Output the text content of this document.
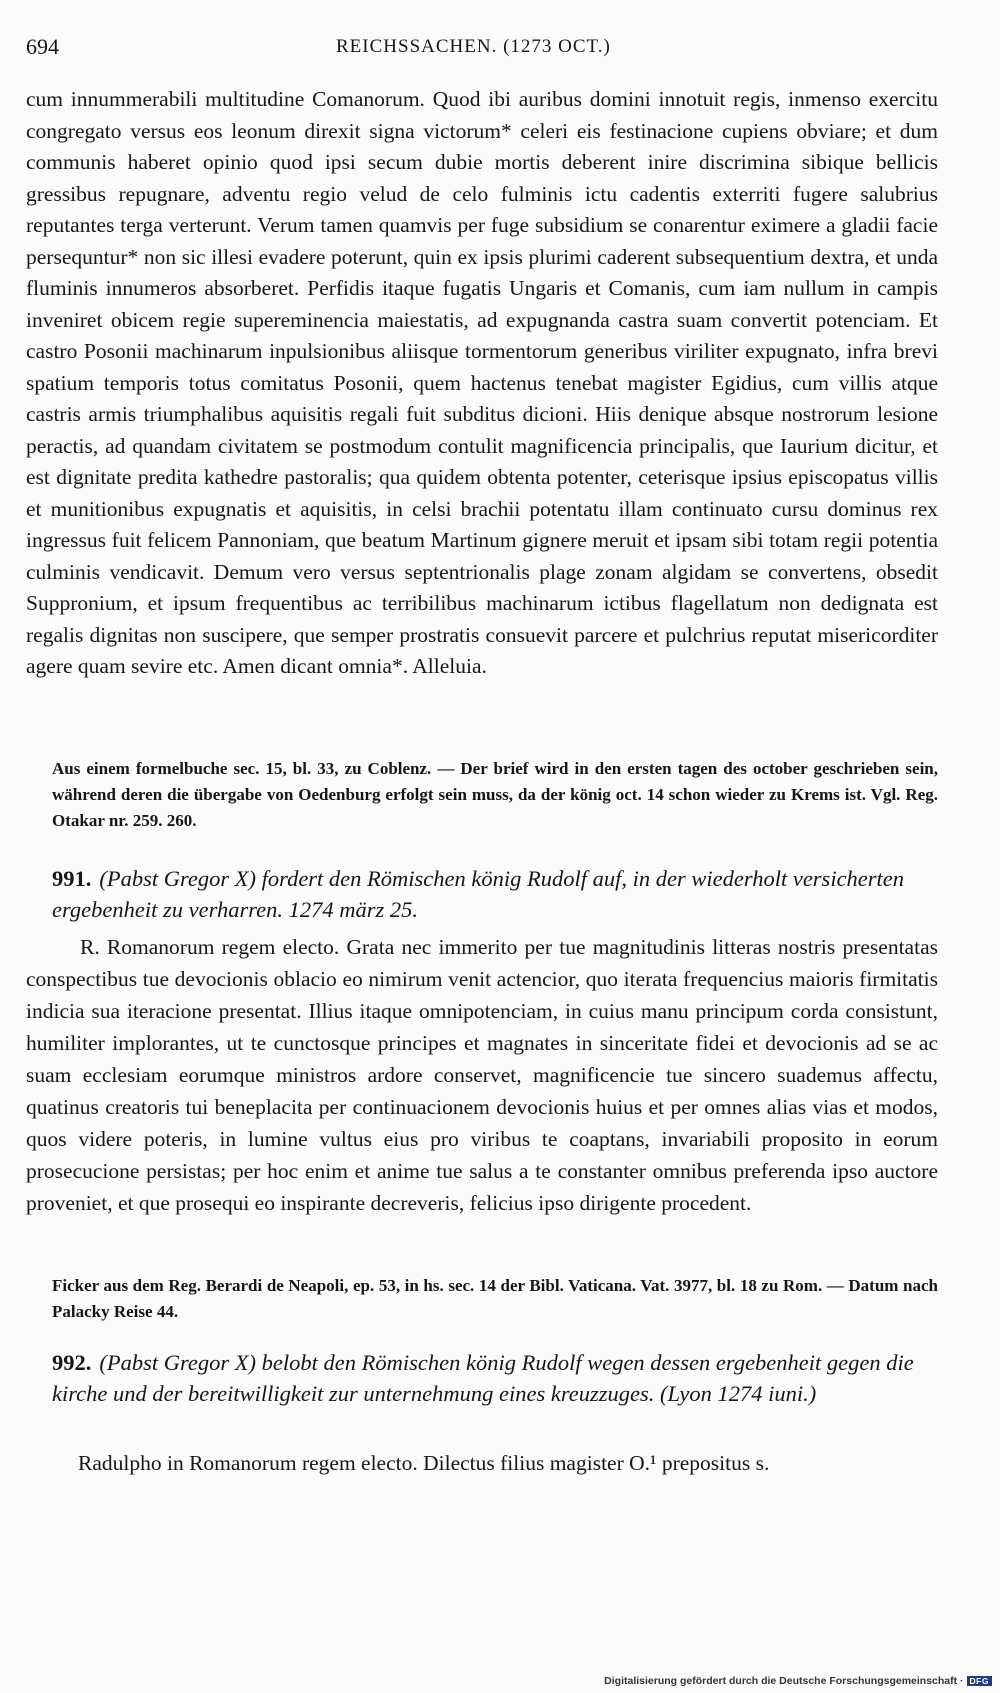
694	REICHSSACHEN. (1273 OCT.)

cum innummerabili multitudine Comanorum. Quod ibi auribus domini innotuit regis, inmenso exercitu congregato versus eos leonum direxit signa victorum* celeri eis festinacione cupiens obviare; et dum communis haberet opinio quod ipsi secum dubie mortis deberent inire discrimina sibique bellicis gressibus repugnare, adventu regio velud de celo fulminis ictu cadentis exterriti fugere salubrius reputantes terga verterunt. Verum tamen quamvis per fuge subsidium se conarentur eximere a gladii facie persequntur* non sic illesi evadere poterunt, quin ex ipsis plurimi caderent subsequentium dextra, et unda fluminis innumeros absorberet. Perfidis itaque fugatis Ungaris et Comanis, cum iam nullum in campis inveniret obicem regie supereminencia maiestatis, ad expugnanda castra suam convertit potenciam. Et castro Posonii machinarum inpulsionibus aliisque tormentorum generibus viriliter expugnato, infra brevi spatium temporis totus comitatus Posonii, quem hactenus tenebat magister Egidius, cum villis atque castris armis triumphalibus aquisitis regali fuit subditus dicioni. Hiis denique absque nostrorum lesione peractis, ad quandam civitatem se postmodum contulit magnificencia principalis, que Iaurium dicitur, et est dignitate predita kathedre pastoralis; qua quidem obtenta potenter, ceterisque ipsius episcopatus villis et munitionibus expugnatis et aquisitis, in celsi brachii potentatu illam continuato cursu dominus rex ingressus fuit felicem Pannoniam, que beatum Martinum gignere meruit et ipsam sibi totam regii potentia culminis vendicavit. Demum vero versus septentrionalis plage zonam algidam se convertens, obsedit Suppronium, et ipsum frequentibus ac terribilibus machinarum ictibus flagellatum non dedignata est regalis dignitas non suscipere, que semper prostratis consuevit parcere et pulchrius reputat misericorditer agere quam sevire etc. Amen dicant omnia*. Alleluia.

Aus einem formelbuche sec. 15, bl. 33, zu Coblenz. — Der brief wird in den ersten tagen des october geschrieben sein, während deren die übergabe von Oedenburg erfolgt sein muss, da der könig oct. 14 schon wieder zu Krems ist. Vgl. Reg. Otakar nr. 259. 260.

991. (Pabst Gregor X) fordert den Römischen könig Rudolf auf, in der wiederholt versicherten ergebenheit zu verharren. 1274 märz 25.

R. Romanorum regem electo. Grata nec immerito per tue magnitudinis litteras nostris presentatas conspectibus tue devocionis oblacio eo nimirum venit actencior, quo iterata frequencius maioris firmitatis indicia sua iteracione presentat. Illius itaque omnipotenciam, in cuius manu principum corda consistunt, humiliter implorantes, ut te cunctosque principes et magnates in sinceritate fidei et devocionis ad se ac suam ecclesiam eorumque ministros ardore conservet, magnificencie tue sincero suademus affectu, quatinus creatoris tui beneplacita per continuacionem devocionis huius et per omnes alias vias et modos, quos videre poteris, in lumine vultus eius pro viribus te coaptans, invariabili proposito in eorum prosecucione persistas; per hoc enim et anime tue salus a te constanter omnibus preferenda ipso auctore proveniet, et que prosequi eo inspirante decreveris, felicius ipso dirigente procedent.

Ficker aus dem Reg. Berardi de Neapoli, ep. 53, in hs. sec. 14 der Bibl. Vaticana. Vat. 3977, bl. 18 zu Rom. — Datum nach Palacky Reise 44.

992. (Pabst Gregor X) belobt den Römischen könig Rudolf wegen dessen ergebenheit gegen die kirche und der bereitwilligkeit zur unternehmung eines kreuzzuges. (Lyon 1274 iuni.)

Radulpho in Romanorum regem electo. Dilectus filius magister O.¹ prepositus s.

Digitalisierung gefördert durch die Deutsche Forschungsgemeinschaft · DFG
